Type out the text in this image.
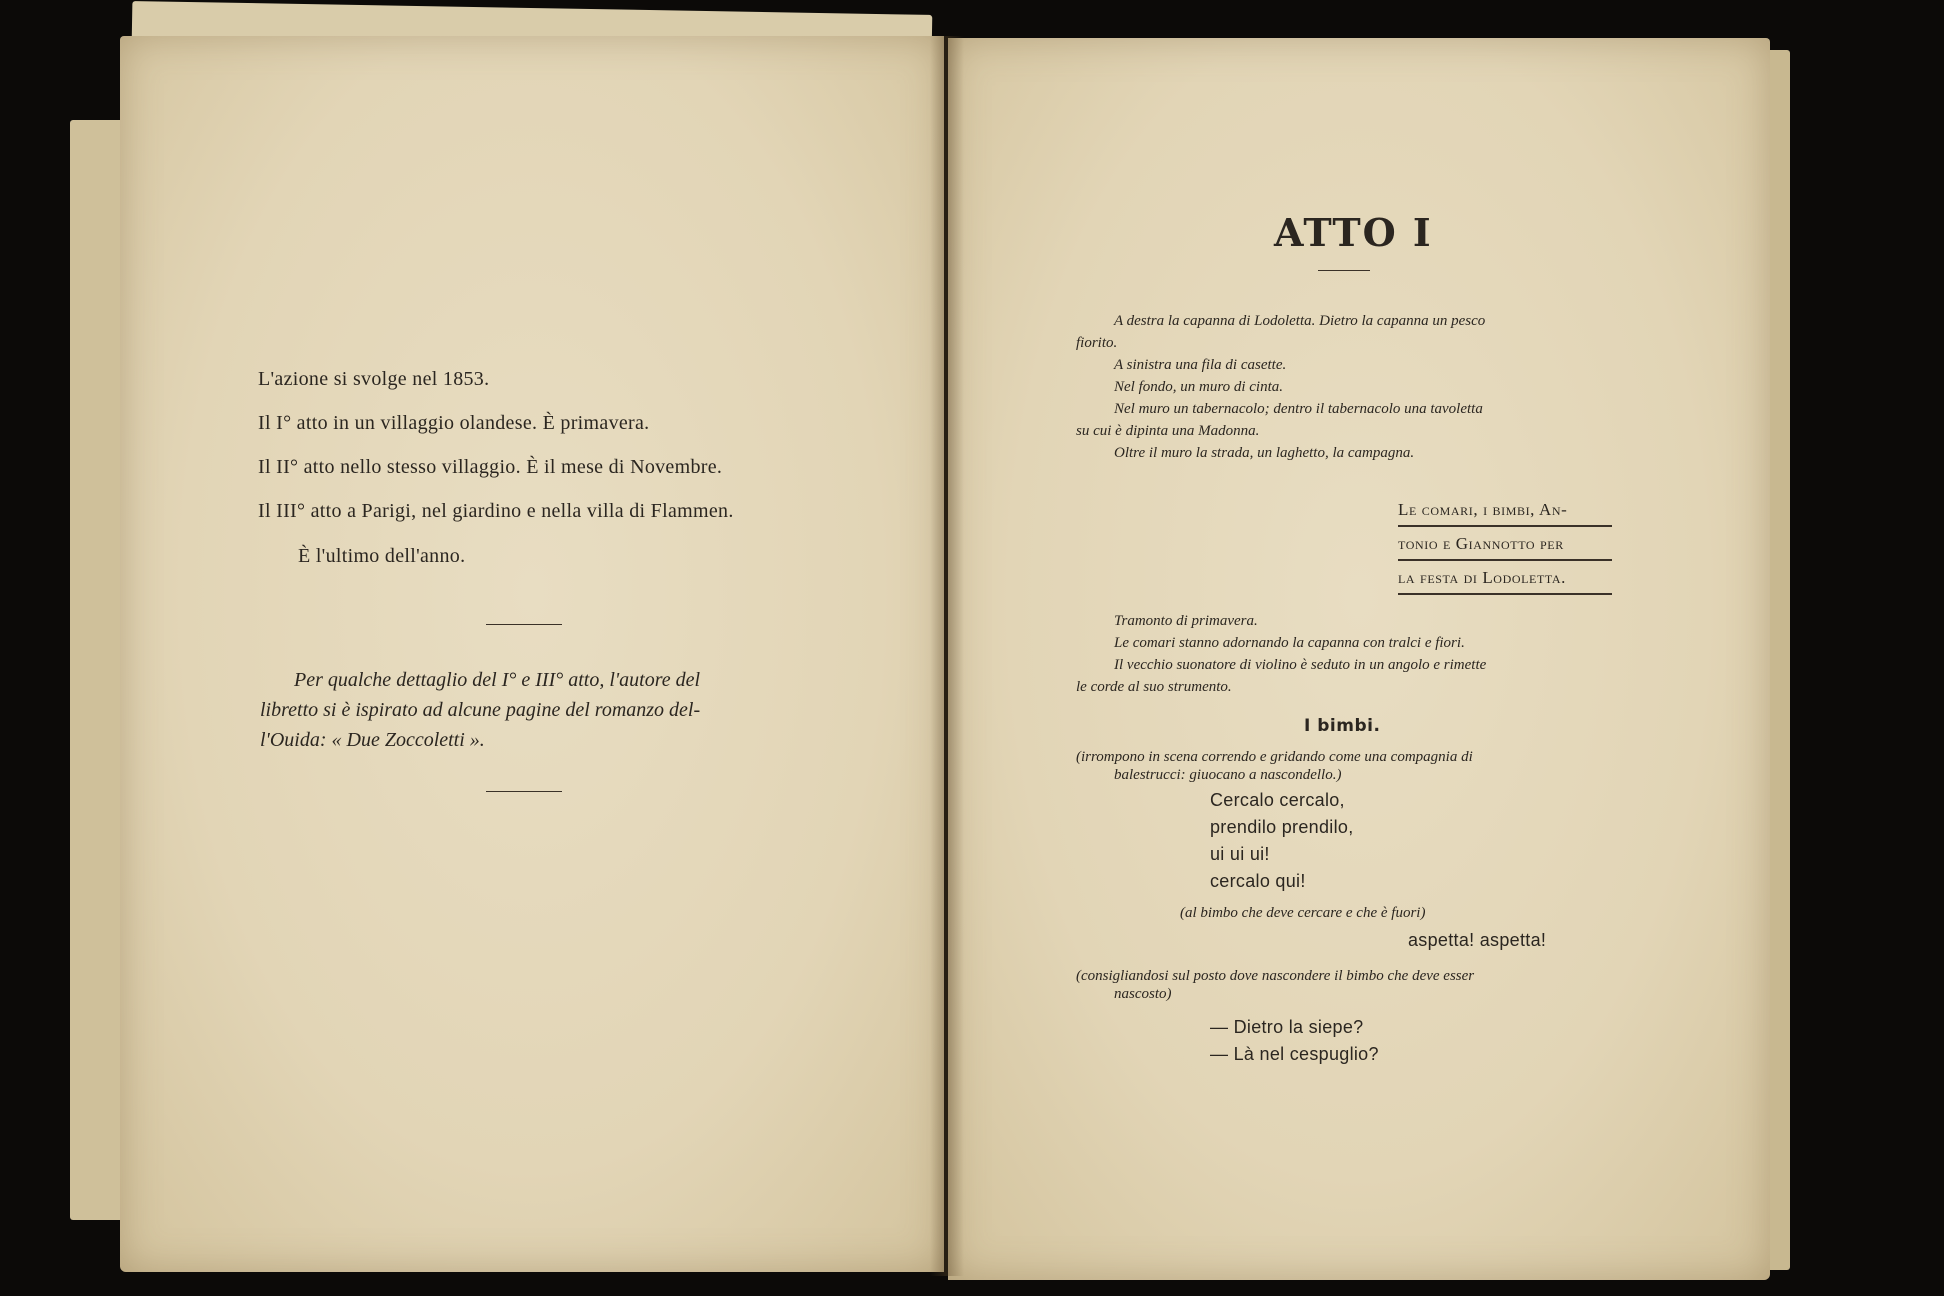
L'azione si svolge nel 1853.
Il I° atto in un villaggio olandese. È primavera.
Il II° atto nello stesso villaggio. È il mese di Novembre.
Il III° atto a Parigi, nel giardino e nella villa di Flammen.
È l'ultimo dell'anno.
Per qualche dettaglio del I° e III° atto, l'autore del
libretto si è ispirato ad alcune pagine del romanzo del-
l'Ouida: « Due Zoccoletti ».
ATTO I

A destra la capanna di Lodoletta. Dietro la capanna un pesco

fiorito.

A sinistra una fila di casette.

Nel fondo, un muro di cinta.

Nel muro un tabernacolo; dentro il tabernacolo una tavoletta

su cui è dipinta una Madonna.

Oltre il muro la strada, un laghetto, la campagna.

Le comari, i bimbi, An-
tonio e Giannotto per
la festa di Lodoletta.

Tramonto di primavera.

Le comari stanno adornando la capanna con tralci e fiori.

Il vecchio suonatore di violino è seduto in un angolo e rimette

le corde al suo strumento.

I bimbi.

(irrompono in scena correndo e gridando come una compagnia di

balestrucci: giuocano a nascondello.)

Cercalo cercalo,
prendilo prendilo,
ui ui ui!
cercalo qui!
(al bimbo che deve cercare e che è fuori)
aspetta! aspetta!

(consigliandosi sul posto dove nascondere il bimbo che deve esser

nascosto)

— Dietro la siepe?
— Là nel cespuglio?
